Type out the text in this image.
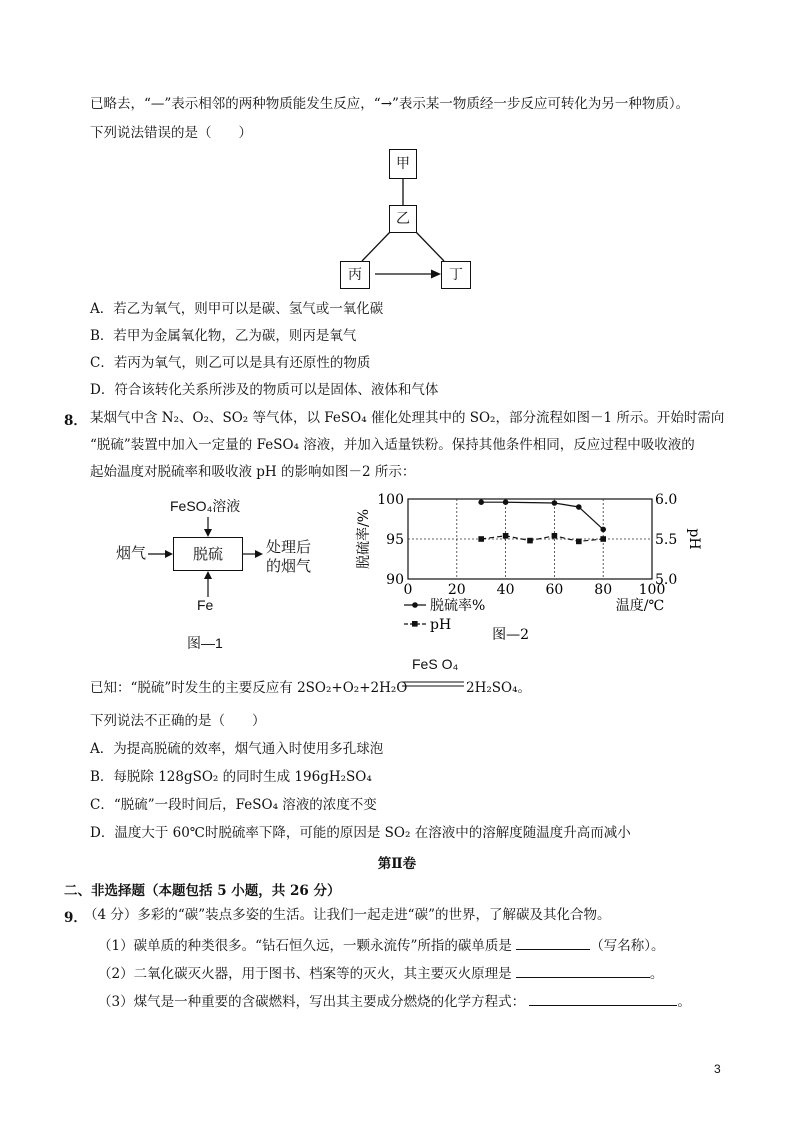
已略去，“—”表示相邻的两种物质能发生反应，“→”表示某一物质经一步反应可转化为另一种物质）。
下列说法错误的是（　　）
甲
乙
丙	丁
A．若乙为氧气，则甲可以是碳、氢气或一氧化碳
B．若甲为金属氧化物，乙为碳，则丙是氧气
C．若丙为氧气，则乙可以是具有还原性的物质
D．符合该转化关系所涉及的物质可以是固体、液体和气体
8． 某烟气中含 N₂、O₂、SO₂ 等气体，以 FeSO₄ 催化处理其中的 SO₂，部分流程如图－1 所示。开始时需向
“脱硫”装置中加入一定量的 FeSO₄ 溶液，并加入适量铁粉。保持其他条件相同，反应过程中吸收液的
起始温度对脱硫率和吸收液 pH 的影响如图－2 所示：
FeSO₄溶液
烟气	脱硫	处理后
的烟气
Fe
图—1
0	20 40 60 80 100
90
95
100
5.0
5.5
6.0
脱硫率/%	pH
脱硫率%
pH
温度/℃
图—2
已知：“脱硫”时发生的主要反应有 2SO₂+O₂+2H₂O
FeS O₄
2H₂SO₄。
下列说法不正确的是（　　）
A．为提高脱硫的效率，烟气通入时使用多孔球泡
B．每脱除 128gSO₂ 的同时生成 196gH₂SO₄
C．“脱硫”一段时间后，FeSO₄ 溶液的浓度不变
D．温度大于 60℃时脱硫率下降，可能的原因是 SO₂ 在溶液中的溶解度随温度升高而减小
第Ⅱ卷
二、非选择题（本题包括 5 小题，共 26 分）
9．
（4 分）多彩的“碳”装点多姿的生活。让我们一起走进“碳”的世界，了解碳及其化合物。
（1）碳单质的种类很多。“钻石恒久远，一颗永流传”所指的碳单质是	（写名称）。
（2）二氧化碳灭火器，用于图书、档案等的灭火，其主要灭火原理是	。
（3）煤气是一种重要的含碳燃料，写出其主要成分燃烧的化学方程式：	。
3
